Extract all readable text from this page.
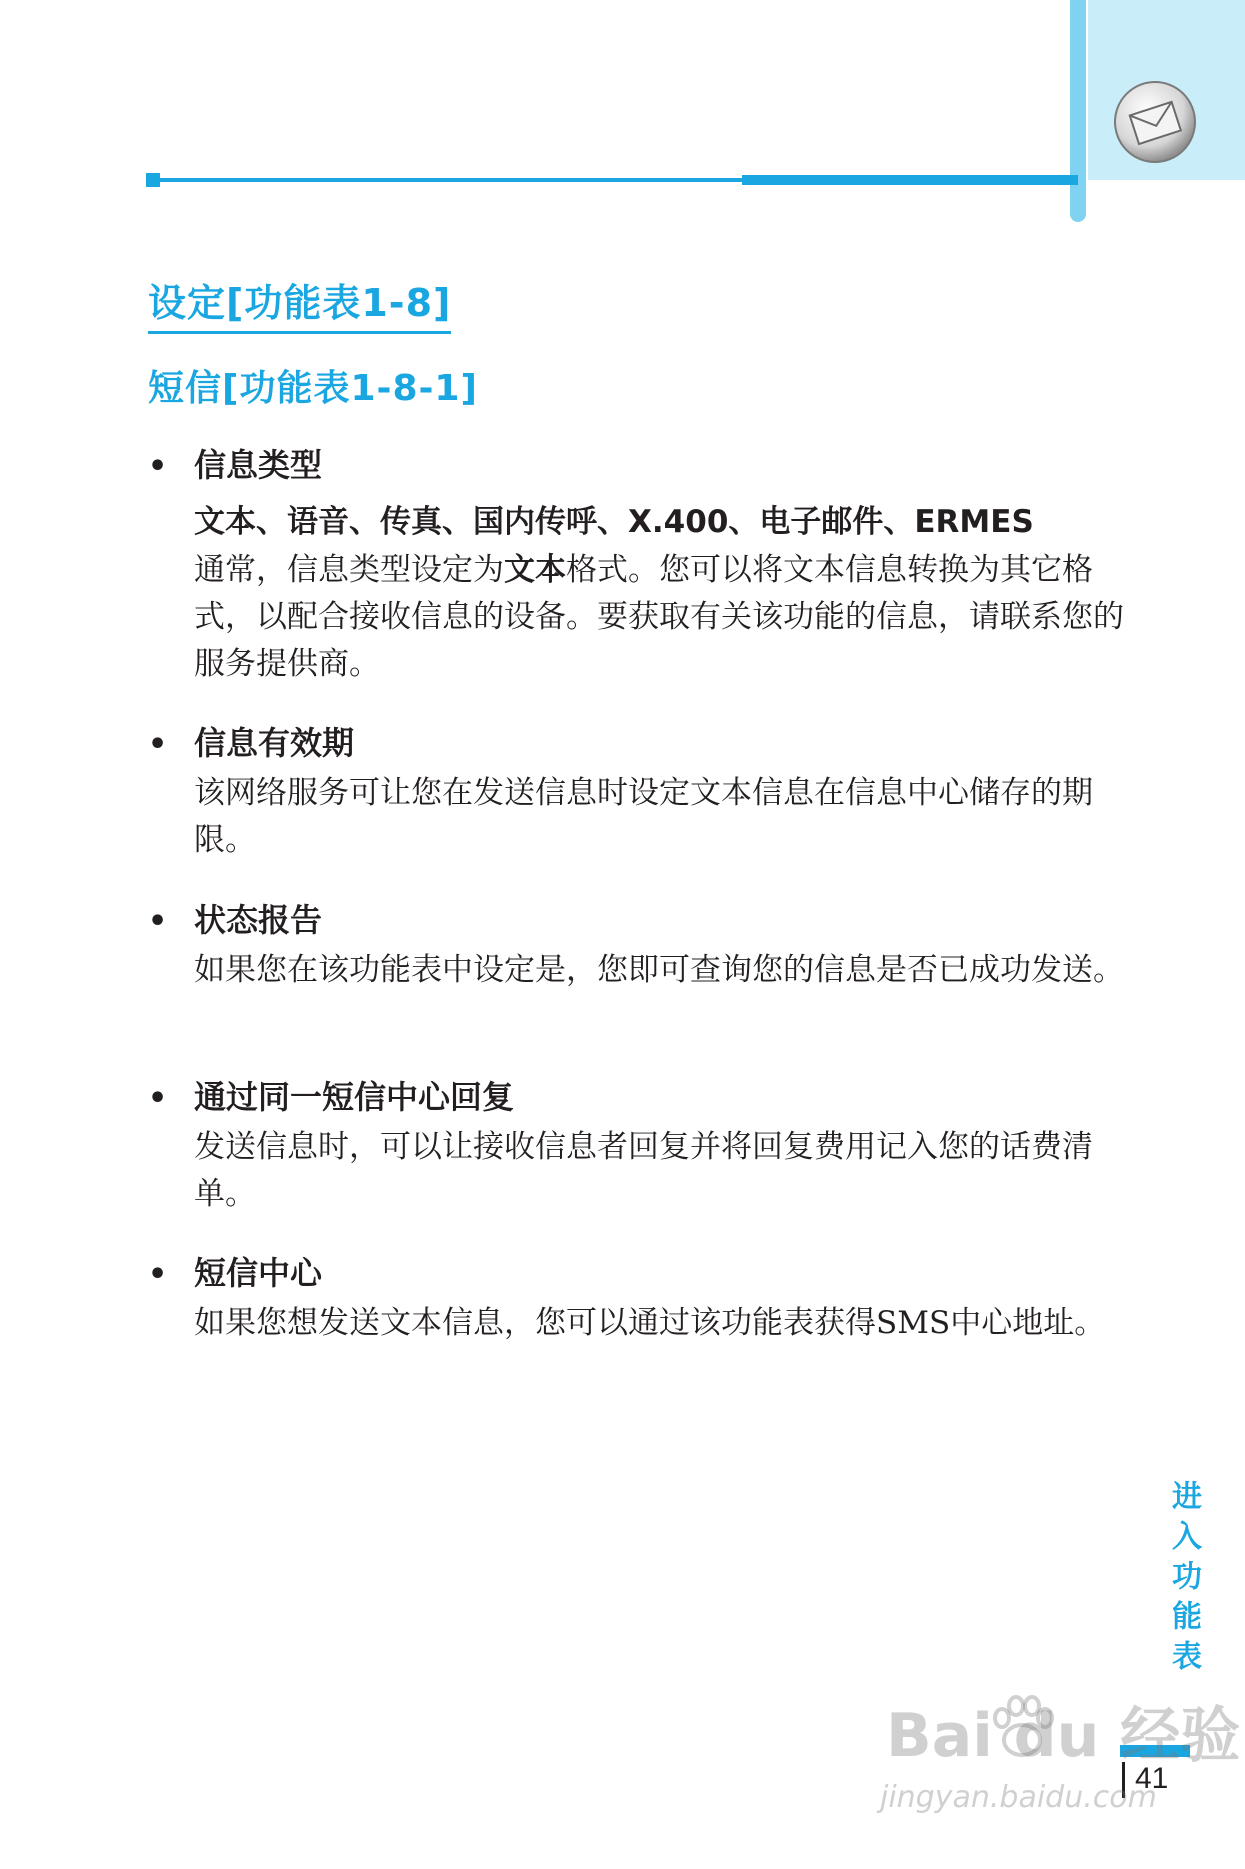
设定[功能表1-8]
短信[功能表1-8-1]
• 信息类型
文本、语音、传真、国内传呼、X.400、电子邮件、ERMES
通常，信息类型设定为文本格式。您可以将文本信息转换为其它格式，以配合接收信息的设备。要获取有关该功能的信息，请联系您的服务提供商。
• 信息有效期
该网络服务可让您在发送信息时设定文本信息在信息中心储存的期限。
• 状态报告
如果您在该功能表中设定是，您即可查询您的信息是否已成功发送。
• 通过同一短信中心回复
发送信息时，可以让接收信息者回复并将回复费用记入您的话费清单。
• 短信中心
如果您想发送文本信息，您可以通过该功能表获得SMS中心地址。
进入功能表
41
Bai du 经验
jingyan.baidu.com
